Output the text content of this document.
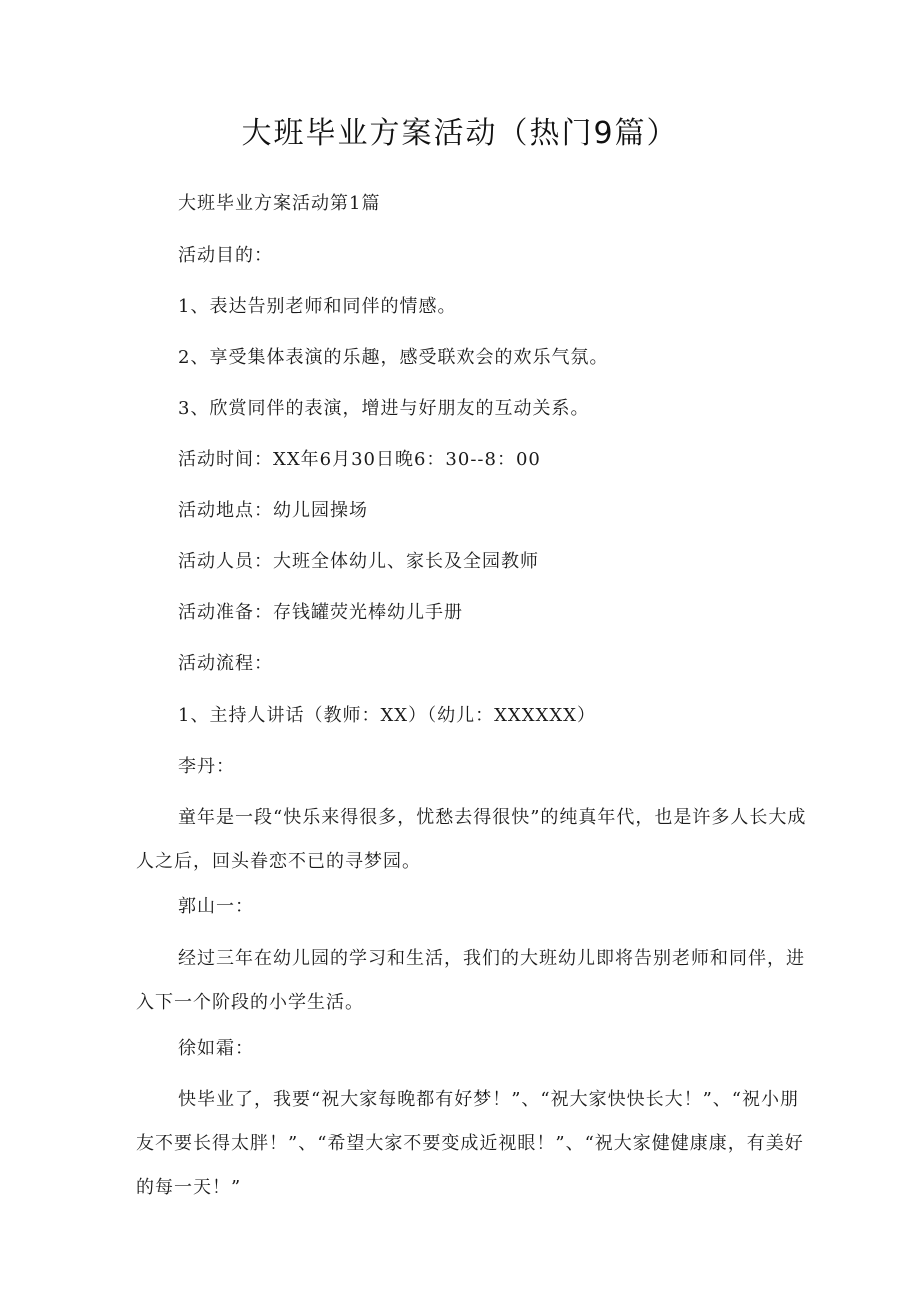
大班毕业方案活动（热门9篇）
大班毕业方案活动第1篇
活动目的：
1、表达告别老师和同伴的情感。
2、享受集体表演的乐趣，感受联欢会的欢乐气氛。
3、欣赏同伴的表演，增进与好朋友的互动关系。
活动时间：XX年6月30日晚6：30--8：00
活动地点：幼儿园操场
活动人员：大班全体幼儿、家长及全园教师
活动准备：存钱罐荧光棒幼儿手册
活动流程：
1、主持人讲话（教师：XX）（幼儿：XXXXXX）
李丹：
童年是一段“快乐来得很多，忧愁去得很快”的纯真年代，也是许多人长大成人之后，回头眷恋不已的寻梦园。
郭山一：
经过三年在幼儿园的学习和生活，我们的大班幼儿即将告别老师和同伴，进入下一个阶段的小学生活。
徐如霜：
快毕业了，我要“祝大家每晚都有好梦！”、“祝大家快快长大！”、“祝小朋友不要长得太胖！”、“希望大家不要变成近视眼！”、“祝大家健健康康，有美好的每一天！”
